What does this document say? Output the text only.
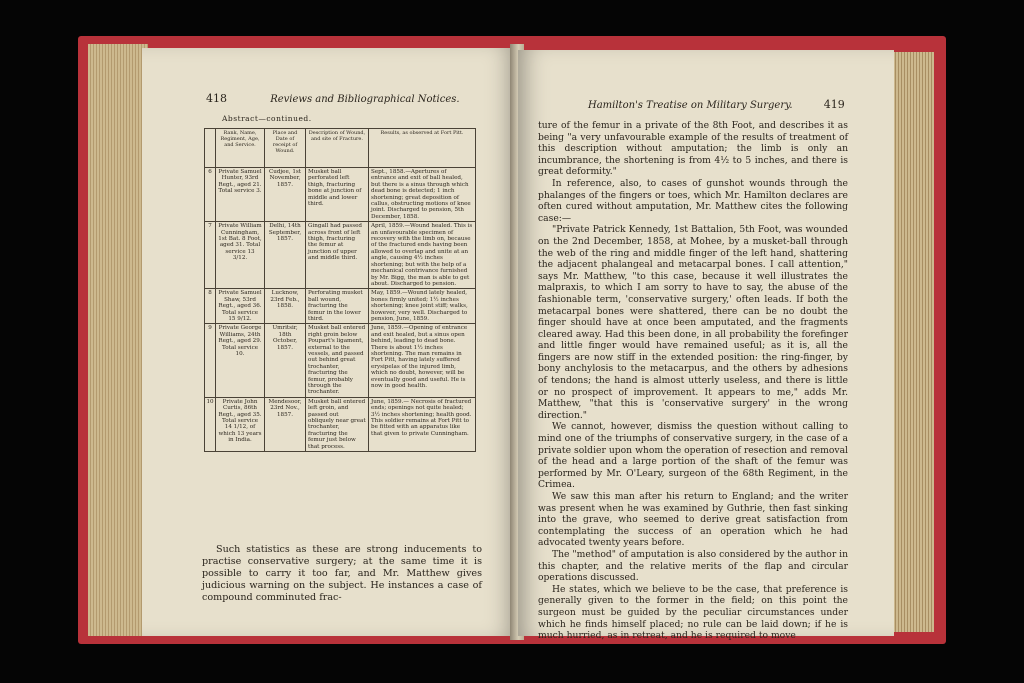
418	Reviews and Bibliographical Notices.
Abstract—continued.
	Rank, Name, Regiment, Age, and Service.	Place and Date of receipt of Wound.	Description of Wound, and site of Fracture.	Results, as observed at Fort Pitt.
6	Private Samuel Hunter, 93rd Regt., aged 21. Total service 3.	Cudjee, 1st November, 1857.	Musket ball perforated left thigh, fracturing bone at junction of middle and lower third.	Sept., 1858.—Apertures of entrance and exit of ball healed, but there is a sinus through which dead bone is detected; 1 inch shortening; great deposition of callus, obstructing motions of knee joint. Discharged to pension, 5th December, 1858.
7	Private William Cunningham, 1st Bat. 8 Foot, aged 31. Total service 13 3/12.	Delhi, 14th September, 1857.	Gingall had passed across front of left thigh, fracturing the femur at junction of upper and middle third.	April, 1859.—Wound healed. This is an unfavourable specimen of recovery with the limb on, because of the fractured ends having been allowed to overlap and unite at an angle, causing 4½ inches shortening; but with the help of a mechanical contrivance furnished by Mr. Bigg, the man is able to get about. Discharged to pension.
8	Private Samuel Shaw, 53rd Regt., aged 36. Total service 15 9/12.	Lucknow, 23rd Feb., 1858.	Perforating musket ball wound, fracturing the femur in the lower third.	May, 1859.—Wound lately healed, bones firmly united; 1½ inches shortening; knee joint stiff; walks, however, very well. Discharged to pension, June, 1859.
9	Private George Williams, 24th Regt., aged 29. Total service 10.	Umritsir, 18th October, 1857.	Musket ball entered right groin below Poupart's ligament, external to the vessels, and passed out behind great trochanter, fracturing the femur, probably through the trochanter.	June, 1859.—Opening of entrance and exit healed, but a sinus open behind, leading to dead bone. There is about 1½ inches shortening. The man remains in Fort Pitt, having lately suffered erysipelas of the injured limb, which no doubt, however, will be eventually good and useful. He is now in good health.
10	Private John Curtis, 86th Regt., aged 35. Total service 14 1/12, of which 13 years in India.	Mendesoor, 23rd Nov., 1857.	Musket ball entered left groin, and passed out obliquely near great trochanter, fracturing the femur just below that process.	June, 1859.— Necrosis of fractured ends; openings not quite healed; 3½ inches shortening; health good. This soldier remains at Fort Pitt to be fitted with an apparatus like that given to private Cunningham.

Such statistics as these are strong inducements to practise conservative surgery; at the same time it is possible to carry it too far, and Mr. Matthew gives judicious warning on the subject. He instances a case of compound comminuted frac-

Hamilton's Treatise on Military Surgery.	419

ture of the femur in a private of the 8th Foot, and describes it as being "a very unfavourable example of the results of treatment of this description without amputation; the limb is only an incumbrance, the shortening is from 4½ to 5 inches, and there is great deformity."

In reference, also, to cases of gunshot wounds through the phalanges of the fingers or toes, which Mr. Hamilton declares are often cured without amputation, Mr. Matthew cites the following case:—

"Private Patrick Kennedy, 1st Battalion, 5th Foot, was wounded on the 2nd December, 1858, at Mohee, by a musket-ball through the web of the ring and middle finger of the left hand, shattering the adjacent phalangeal and metacarpal bones. I call attention," says Mr. Matthew, "to this case, because it well illustrates the malpraxis, to which I am sorry to have to say, the abuse of the fashionable term, 'conservative surgery,' often leads. If both the metacarpal bones were shattered, there can be no doubt the finger should have at once been amputated, and the fragments cleared away. Had this been done, in all probability the forefinger and little finger would have remained useful; as it is, all the fingers are now stiff in the extended position: the ring-finger, by bony anchylosis to the metacarpus, and the others by adhesions of tendons; the hand is almost utterly useless, and there is little or no prospect of improvement. It appears to me," adds Mr. Matthew, "that this is 'conservative surgery' in the wrong direction."

We cannot, however, dismiss the question without calling to mind one of the triumphs of conservative surgery, in the case of a private soldier upon whom the operation of resection and removal of the head and a large portion of the shaft of the femur was performed by Mr. O'Leary, surgeon of the 68th Regiment, in the Crimea.

We saw this man after his return to England; and the writer was present when he was examined by Guthrie, then fast sinking into the grave, who seemed to derive great satisfaction from contemplating the success of an operation which he had advocated twenty years before.

The "method" of amputation is also considered by the author in this chapter, and the relative merits of the flap and circular operations discussed.

He states, which we believe to be the case, that preference is generally given to the former in the field; on this point the surgeon must be guided by the peculiar circumstances under which he finds himself placed; no rule can be laid down; if he is much hurried, as in retreat, and he is required to move
